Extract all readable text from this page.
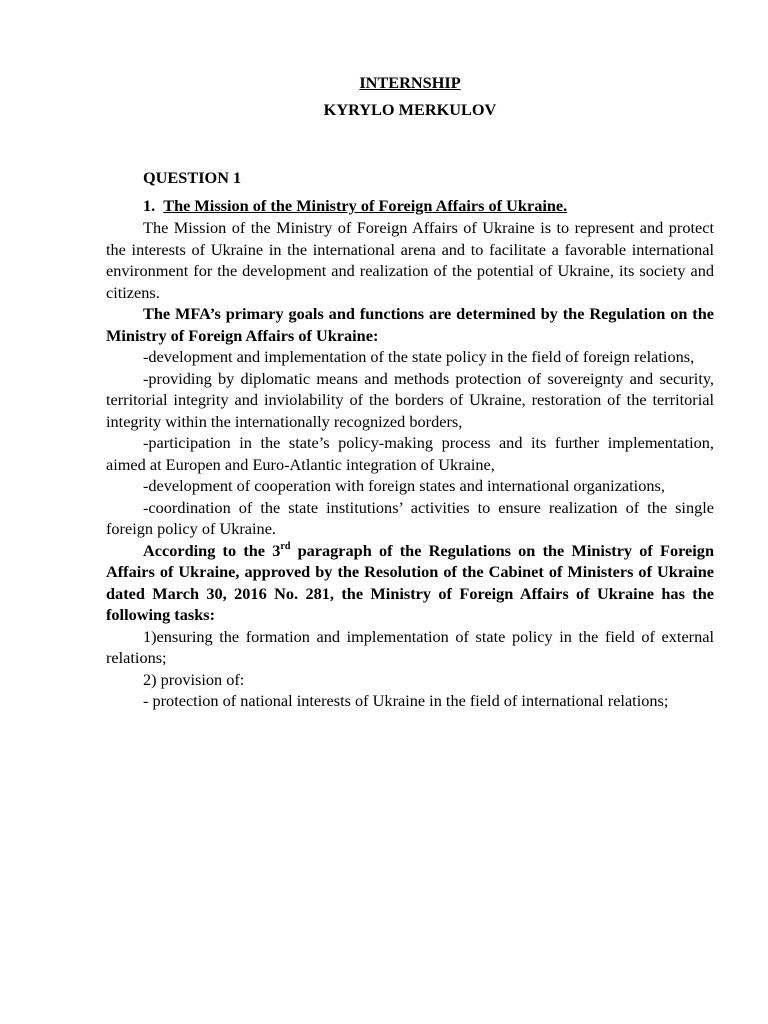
INTERNSHIP
KYRYLO MERKULOV
QUESTION 1
1. The Mission of the Ministry of Foreign Affairs of Ukraine.

The Mission of the Ministry of Foreign Affairs of Ukraine is to represent and protect the interests of Ukraine in the international arena and to facilitate a favorable international environment for the development and realization of the potential of Ukraine, its society and citizens.

The MFA’s primary goals and functions are determined by the Regulation on the Ministry of Foreign Affairs of Ukraine:

-development and implementation of the state policy in the field of foreign relations,

-providing by diplomatic means and methods protection of sovereignty and security, territorial integrity and inviolability of the borders of Ukraine, restoration of the territorial integrity within the internationally recognized borders,

-participation in the state’s policy-making process and its further implementation, aimed at Europen and Euro-Atlantic integration of Ukraine,

-development of cooperation with foreign states and international organizations,

-coordination of the state institutions’ activities to ensure realization of the single foreign policy of Ukraine.

According to the 3rd paragraph of the Regulations on the Ministry of Foreign Affairs of Ukraine, approved by the Resolution of the Cabinet of Ministers of Ukraine dated March 30, 2016 No. 281, the Ministry of Foreign Affairs of Ukraine has the following tasks:

1)ensuring the formation and implementation of state policy in the field of external relations;

2) provision of:

- protection of national interests of Ukraine in the field of international relations;
